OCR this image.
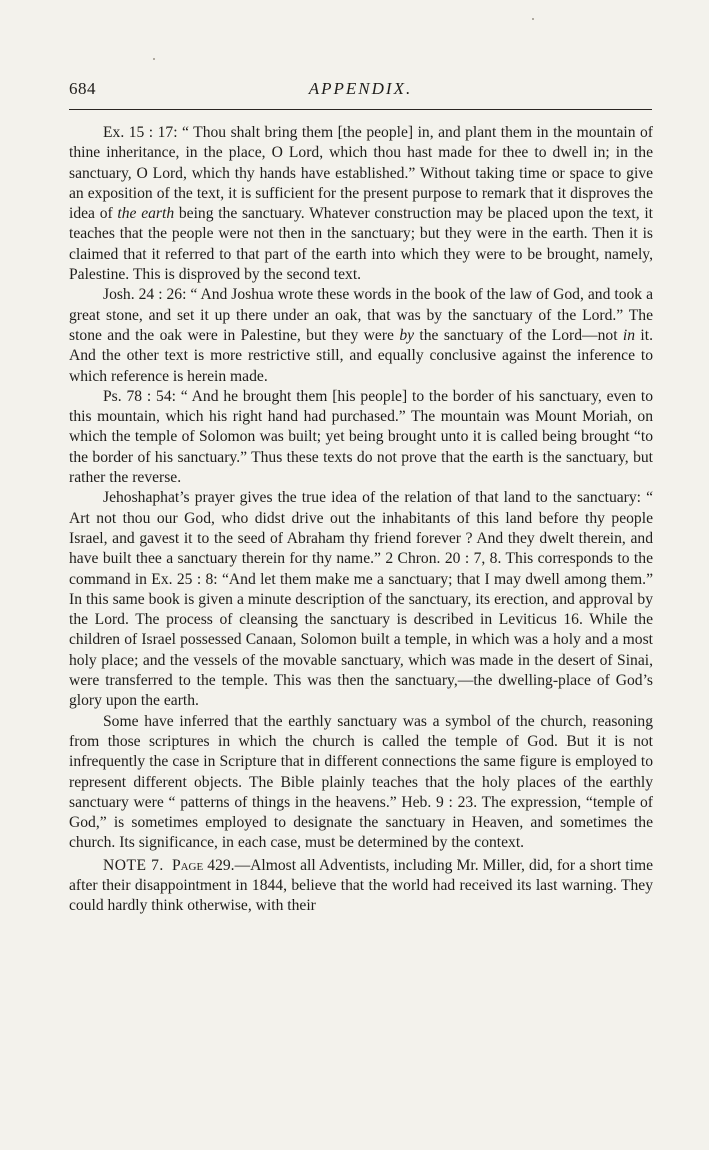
684	APPENDIX.

Ex. 15 : 17: “ Thou shalt bring them [the people] in, and plant them in the mountain of thine inheritance, in the place, O Lord, which thou hast made for thee to dwell in; in the sanctuary, O Lord, which thy hands have established.” Without taking time or space to give an exposition of the text, it is sufficient for the present purpose to remark that it disproves the idea of the earth being the sanctuary. Whatever construction may be placed upon the text, it teaches that the people were not then in the sanctuary; but they were in the earth. Then it is claimed that it referred to that part of the earth into which they were to be brought, namely, Palestine. This is disproved by the second text.

Josh. 24 : 26: “ And Joshua wrote these words in the book of the law of God, and took a great stone, and set it up there under an oak, that was by the sanctuary of the Lord.” The stone and the oak were in Palestine, but they were by the sanctuary of the Lord—not in it. And the other text is more restrictive still, and equally conclusive against the inference to which reference is herein made.

Ps. 78 : 54: “ And he brought them [his people] to the border of his sanctuary, even to this mountain, which his right hand had purchased.” The mountain was Mount Moriah, on which the temple of Solomon was built; yet being brought unto it is called being brought “to the border of his sanctuary.” Thus these texts do not prove that the earth is the sanctuary, but rather the reverse.

Jehoshaphat’s prayer gives the true idea of the relation of that land to the sanctuary: “ Art not thou our God, who didst drive out the inhabitants of this land before thy people Israel, and gavest it to the seed of Abraham thy friend forever ? And they dwelt therein, and have built thee a sanctuary therein for thy name.” 2 Chron. 20 : 7, 8. This corresponds to the command in Ex. 25 : 8: “And let them make me a sanctuary; that I may dwell among them.” In this same book is given a minute description of the sanctuary, its erection, and approval by the Lord. The process of cleansing the sanctuary is described in Leviticus 16. While the children of Israel possessed Canaan, Solomon built a temple, in which was a holy and a most holy place; and the vessels of the movable sanctuary, which was made in the desert of Sinai, were transferred to the temple. This was then the sanctuary,—the dwelling-place of God’s glory upon the earth.

Some have inferred that the earthly sanctuary was a symbol of the church, reasoning from those scriptures in which the church is called the temple of God. But it is not infrequently the case in Scripture that in different connections the same figure is employed to represent different objects. The Bible plainly teaches that the holy places of the earthly sanctuary were “ patterns of things in the heavens.” Heb. 9 : 23. The expression, “temple of God,” is sometimes employed to designate the sanctuary in Heaven, and sometimes the church. Its significance, in each case, must be determined by the context.

NOTE 7. Page 429.—Almost all Adventists, including Mr. Miller, did, for a short time after their disappointment in 1844, believe that the world had received its last warning. They could hardly think otherwise, with their
